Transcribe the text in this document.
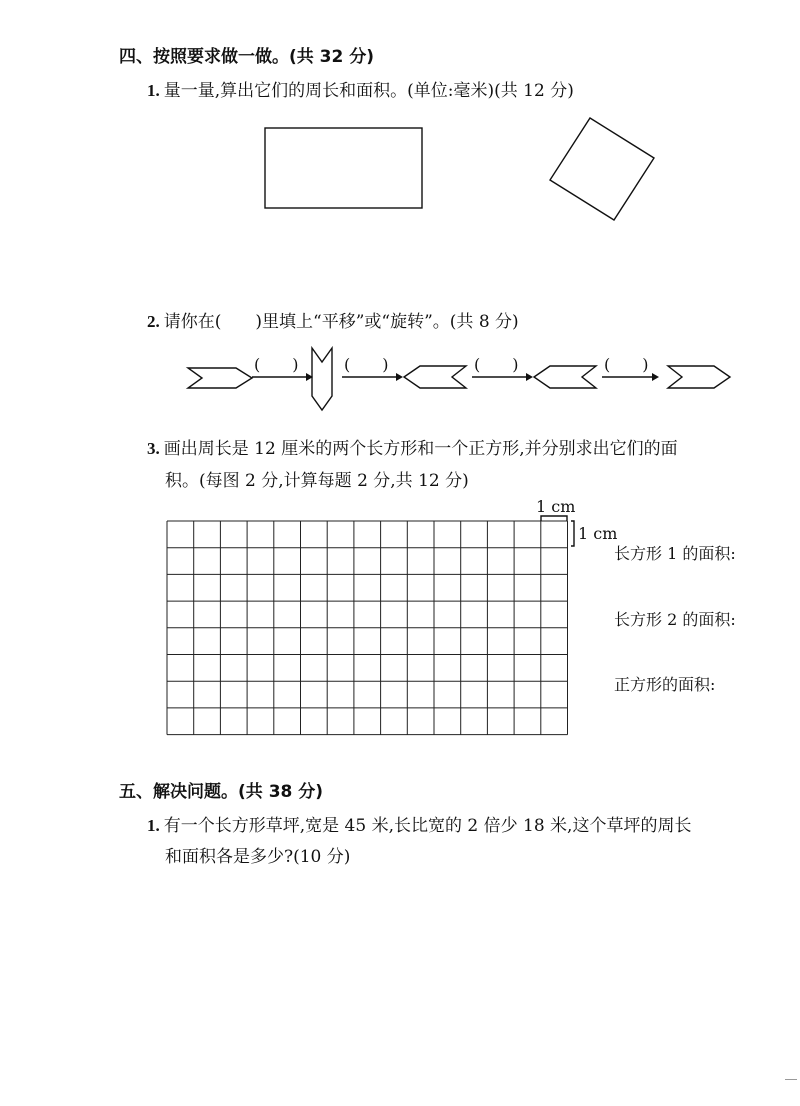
四、按照要求做一做。(共 32 分)
1. 量一量,算出它们的周长和面积。(单位:毫米)(共 12 分)
2. 请你在(　　)里填上“平移”或“旋转”。(共 8 分)
(　　)	(　　)	(　　)	(　　)
3. 画出周长是 12 厘米的两个长方形和一个正方形,并分别求出它们的面
积。(每图 2 分,计算每题 2 分,共 12 分)
1 cm
1 cm
长方形 1 的面积:
长方形 2 的面积:
正方形的面积:
五、解决问题。(共 38 分)
1. 有一个长方形草坪,宽是 45 米,长比宽的 2 倍少 18 米,这个草坪的周长
和面积各是多少?(10 分)
